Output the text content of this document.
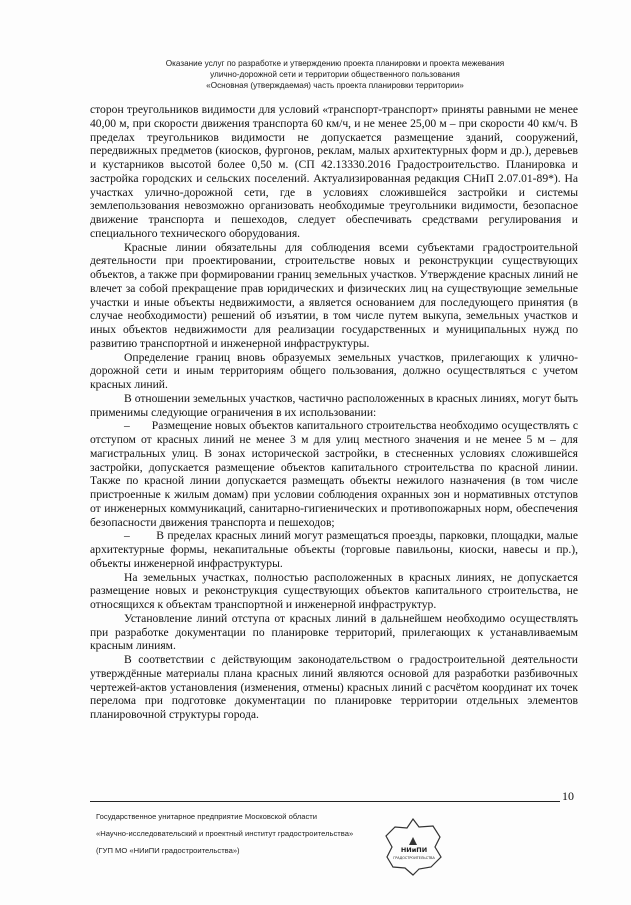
Оказание услуг по разработке и утверждению проекта планировки и проекта межевания
улично-дорожной сети и территории общественного пользования
«Основная (утверждаемая) часть проекта планировки территории»

сторон треугольников видимости для условий «транспорт-транспорт» приняты равными не менее 40,00 м, при скорости движения транспорта 60 км/ч, и не менее 25,00 м – при скорости 40 км/ч. В пределах треугольников видимости не допускается размещение зданий, сооружений, передвижных предметов (киосков, фургонов, реклам, малых архитектурных форм и др.), деревьев и кустарников высотой более 0,50 м. (СП 42.13330.2016 Градостроительство. Планировка и застройка городских и сельских поселений. Актуализированная редакция СНиП 2.07.01-89*). На участках улично-дорожной сети, где в условиях сложившейся застройки и системы землепользования невозможно организовать необходимые треугольники видимости, безопасное движение транспорта и пешеходов, следует обеспечивать средствами регулирования и специального технического оборудования.

Красные линии обязательны для соблюдения всеми субъектами градостроительной деятельности при проектировании, строительстве новых и реконструкции существующих объектов, а также при формировании границ земельных участков. Утверждение красных линий не влечет за собой прекращение прав юридических и физических лиц на существующие земельные участки и иные объекты недвижимости, а является основанием для последующего принятия (в случае необходимости) решений об изъятии, в том числе путем выкупа, земельных участков и иных объектов недвижимости для реализации государственных и муниципальных нужд по развитию транспортной и инженерной инфраструктуры.

Определение границ вновь образуемых земельных участков, прилегающих к улично-дорожной сети и иным территориям общего пользования, должно осуществляться с учетом красных линий.

В отношении земельных участков, частично расположенных в красных линиях, могут быть применимы следующие ограничения в их использовании:

–       Размещение новых объектов капитального строительства необходимо осуществлять с отступом от красных линий не менее 3 м для улиц местного значения и не менее 5 м – для магистральных улиц. В зонах исторической застройки, в стесненных условиях сложившейся застройки, допускается размещение объектов капитального строительства по красной линии. Также по красной линии допускается размещать объекты нежилого назначения (в том числе пристроенные к жилым домам) при условии соблюдения охранных зон и нормативных отступов от инженерных коммуникаций, санитарно-гигиенических и противопожарных норм, обеспечения безопасности движения транспорта и пешеходов;

–        В пределах красных линий могут размещаться проезды, парковки, площадки, малые архитектурные формы, некапитальные объекты (торговые павильоны, киоски, навесы и пр.), объекты инженерной инфраструктуры.

На земельных участках, полностью расположенных в красных линиях, не допускается размещение новых и реконструкция существующих объектов капитального строительства, не относящихся к объектам транспортной и инженерной инфраструктур.

Установление линий отступа от красных линий в дальнейшем необходимо осуществлять при разработке документации по планировке территорий, прилегающих к устанавливаемым красным линиям.

В соответствии с действующим законодательством о градостроительной деятельности утверждённые материалы плана красных линий являются основой для разработки разбивочных чертежей-актов установления (изменения, отмены) красных линий с расчётом координат их точек перелома при подготовке документации по планировке территории отдельных элементов планировочной структуры города.

10
Государственное унитарное предприятие Московской области
«Научно-исследовательский и проектный институт градостроительства»
(ГУП МО «НИиПИ градостроительства»)	НИиПИ
ГРАДОСТРОИТЕЛЬСТВА
